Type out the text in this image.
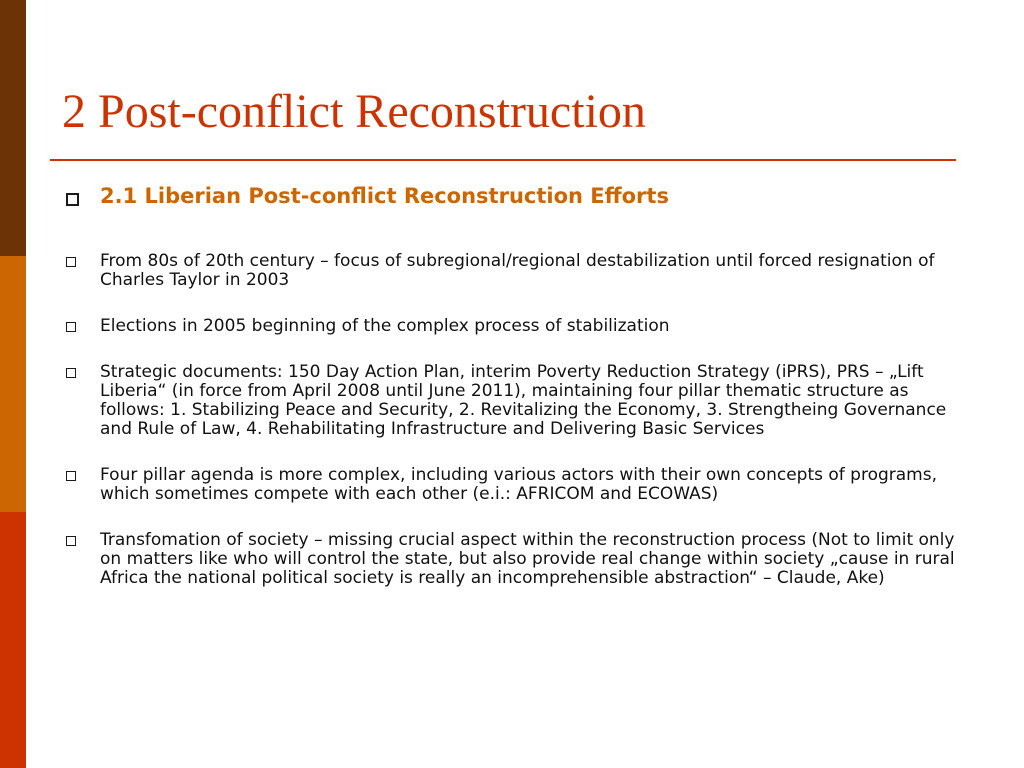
2 Post-conflict Reconstruction
2.1 Liberian Post-conflict Reconstruction Efforts
From 80s of 20th century – focus of subregional/regional destabilization until forced resignation of Charles Taylor in 2003
Elections in 2005 beginning of the complex process of stabilization
Strategic documents: 150 Day Action Plan, interim Poverty Reduction Strategy (iPRS), PRS – „Lift Liberia“ (in force from April 2008 until June 2011), maintaining four pillar thematic structure as follows: 1. Stabilizing Peace and Security, 2. Revitalizing the Economy, 3. Strengtheing Governance and Rule of Law, 4. Rehabilitating Infrastructure and Delivering Basic Services
Four pillar agenda is more complex, including various actors with their own concepts of programs, which sometimes compete with each other (e.i.: AFRICOM and ECOWAS)
Transfomation of society – missing crucial aspect within the reconstruction process (Not to limit only on matters like who will control the state, but also provide real change within society „cause in rural Africa the national political society is really an incomprehensible abstraction“ – Claude, Ake)
